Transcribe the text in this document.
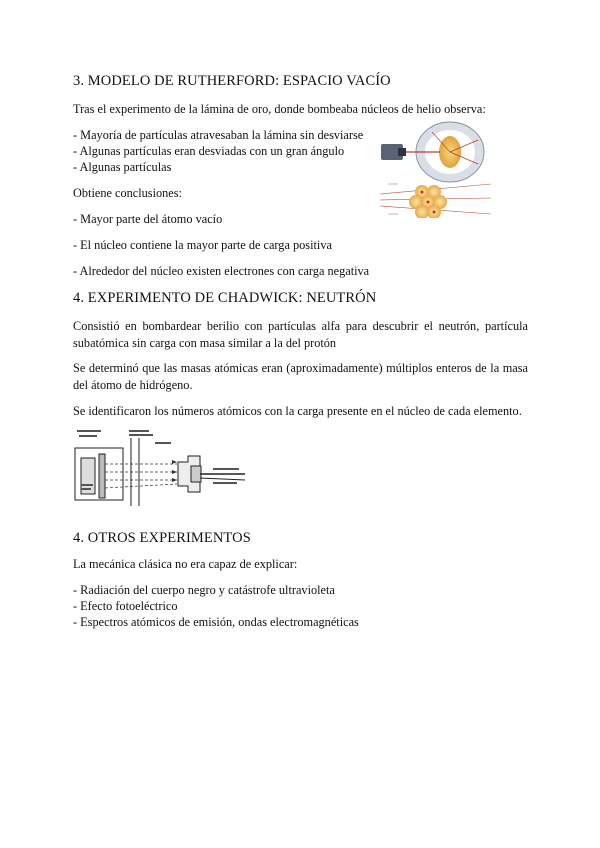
3. MODELO DE RUTHERFORD: ESPACIO VACÍO
Tras el experimento de la lámina de oro, donde bombeaba núcleos de helio observa:
- Mayoría de partículas atravesaban la lámina sin desviarse
- Algunas partículas eran desviadas con un gran ángulo
- Algunas partículas
Obtiene conclusiones:
- Mayor parte del átomo vacío
- El núcleo contiene la mayor parte de carga positiva
- Alrededor del núcleo existen electrones con carga negativa
4. EXPERIMENTO DE CHADWICK: NEUTRÓN
Consistió en bombardear berilio con partículas alfa para descubrir el neutrón, partícula subatómica sin carga con masa similar a la del protón
Se determinó que las masas atómicas eran (aproximadamente) múltiplos enteros de la masa del átomo de hidrógeno.
Se identificaron los números atómicos con la carga presente en el núcleo de cada elemento.
4. OTROS EXPERIMENTOS
La mecánica clásica no era capaz de explicar:
- Radiación del cuerpo negro y catástrofe ultravioleta
- Efecto fotoeléctrico
- Espectros atómicos de emisión, ondas electromagnéticas
